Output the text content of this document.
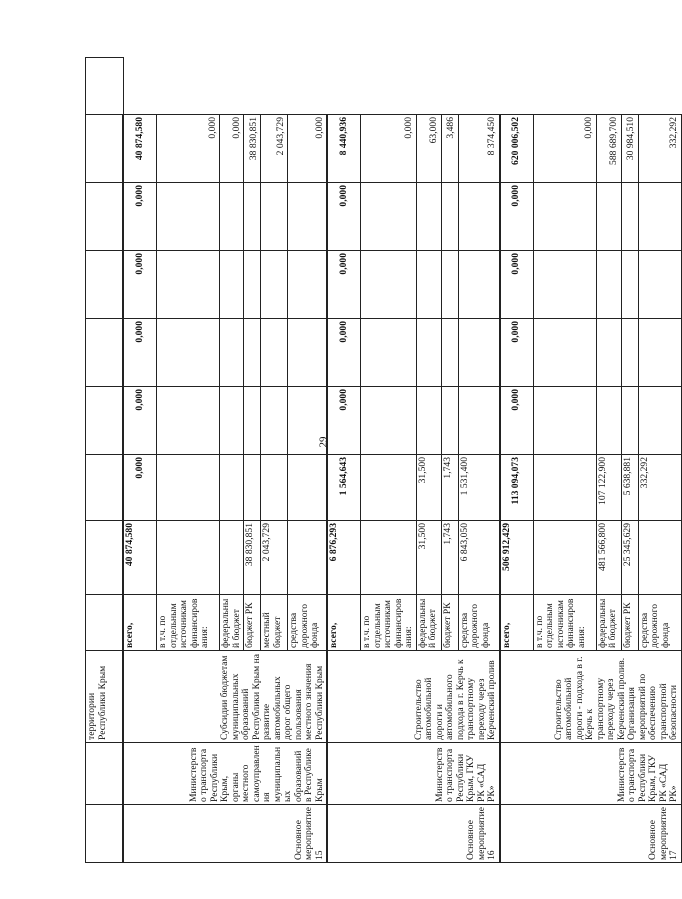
29
		территории Республики Крым									
Основное мероприятие 15	Министерство транспорта Республики Крым, органы местного самоуправления муниципальных образований в Республике Крым	Субсидии бюджетам муниципальных образований Республики Крым на развитие автомобильных дорог общего пользования местного значения Республики Крым	всего,	40 874,580	0,000	0,000	0,000	0,000	0,000	40 874,580	
			в т.ч. по отдельным источникам финансирования:							0,000	
			федеральный бюджет							0,000	
			бюджет РК	38 830,851						38 830,851	
			местный бюджет	2 043,729						2 043,729	
			средства дорожного фонда							0,000	
Основное мероприятие 16	Министерство транспорта Республики Крым, ГКУ РК «САД РК»	Строительство автомобильной дороги и автомобильного подхода в г. Керчь к транспортному переходу через Керченский пролив	всего,	6 876,293	1 564,643	0,000	0,000	0,000	0,000	8 440,936	
			в т.ч. по отдельным источникам финансирования:							0,000	
			федеральный бюджет	31,500	31,500					63,000	
			бюджет РК	1,743	1,743					3,486	
			средства дорожного фонда	6 843,050	1 531,400					8 374,450	
Основное мероприятие 17	Министерство транспорта Республики Крым, ГКУ РК «САД РК»	Строительство автомобильной дороги - подхода в г. Керчь к транспортному переходу через Керченский пролив. Организация мероприятий по обеспечению транспортной безопасности	всего,	506 912,429	113 094,073	0,000	0,000	0,000	0,000	620 006,502	
			в т.ч. по отдельным источникам финансирования:							0,000	
			федеральный бюджет	481 566,800	107 122,900					588 689,700	
			бюджет РК	25 345,629	5 638,881					30 984,510	
			средства дорожного фонда		332,292					332,292	
